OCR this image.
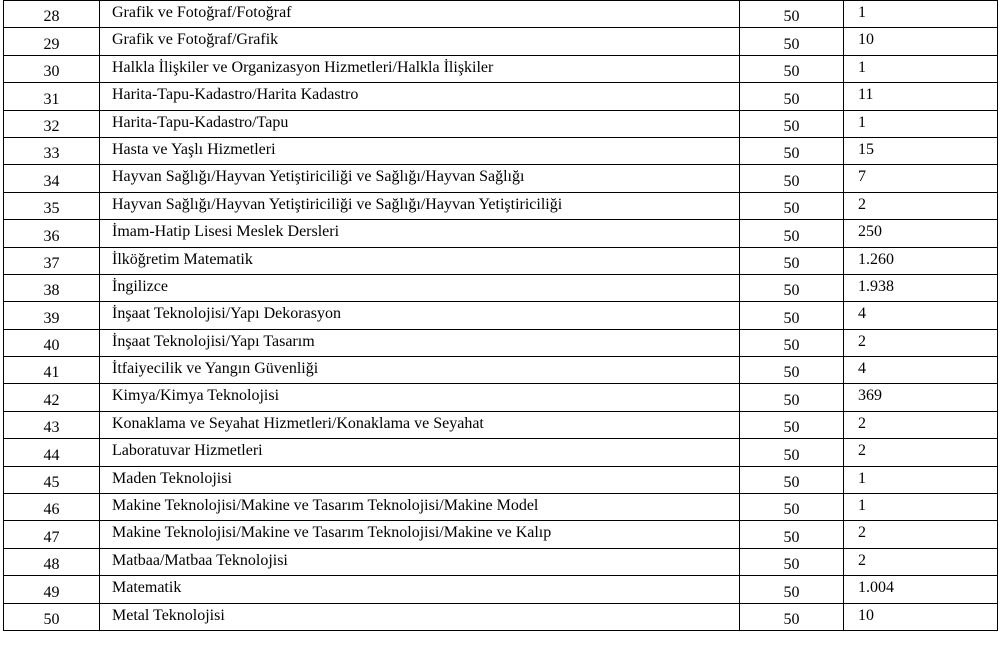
28	Grafik ve Fotoğraf/Fotoğraf	50	1
29	Grafik ve Fotoğraf/Grafik	50	10
30	Halkla İlişkiler ve Organizasyon Hizmetleri/Halkla İlişkiler	50	1
31	Harita-Tapu-Kadastro/Harita Kadastro	50	11
32	Harita-Tapu-Kadastro/Tapu	50	1
33	Hasta ve Yaşlı Hizmetleri	50	15
34	Hayvan Sağlığı/Hayvan Yetiştiriciliği ve Sağlığı/Hayvan Sağlığı	50	7
35	Hayvan Sağlığı/Hayvan Yetiştiriciliği ve Sağlığı/Hayvan Yetiştiriciliği	50	2
36	İmam-Hatip Lisesi Meslek Dersleri	50	250
37	İlköğretim Matematik	50	1.260
38	İngilizce	50	1.938
39	İnşaat Teknolojisi/Yapı Dekorasyon	50	4
40	İnşaat Teknolojisi/Yapı Tasarım	50	2
41	İtfaiyecilik ve Yangın Güvenliği	50	4
42	Kimya/Kimya Teknolojisi	50	369
43	Konaklama ve Seyahat Hizmetleri/Konaklama ve Seyahat	50	2
44	Laboratuvar Hizmetleri	50	2
45	Maden Teknolojisi	50	1
46	Makine Teknolojisi/Makine ve Tasarım Teknolojisi/Makine Model	50	1
47	Makine Teknolojisi/Makine ve Tasarım Teknolojisi/Makine ve Kalıp	50	2
48	Matbaa/Matbaa Teknolojisi	50	2
49	Matematik	50	1.004
50	Metal Teknolojisi	50	10
